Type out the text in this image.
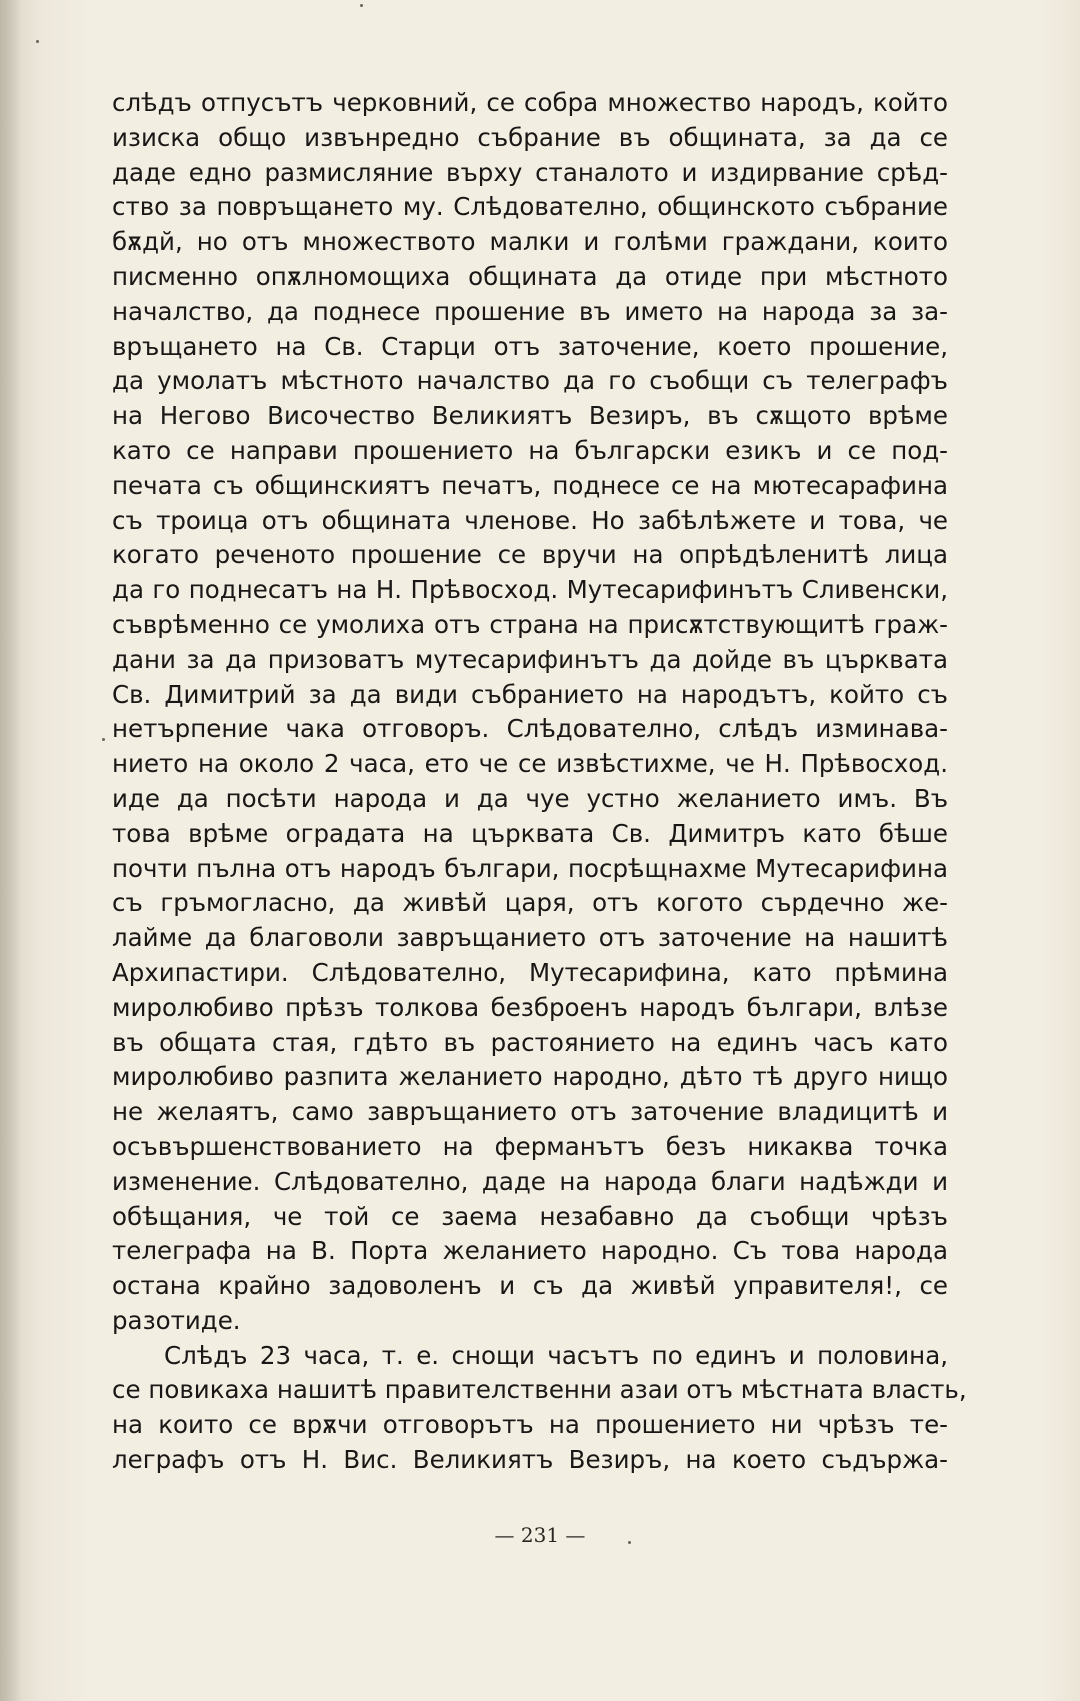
слѣдъ отпусътъ черковний, се собра множество народъ, който
изиска общо извънредно събрание въ общината, за да се
даде едно размисляние върху станалото и издирвание срѣд-
ство за повръщането му. Слѣдователно, общинското събрание
бѫдй, но отъ множеството малки и голѣми граждани, които
писменно опѫлномощиха общината да отиде при мѣстното
началство, да поднесе прошение въ името на народа за за-
връщането на Св. Старци отъ заточение, което прошение,
да умолатъ мѣстното началство да го съобщи съ телеграфъ
на Негово Височество Великиятъ Везиръ, въ сѫщото врѣме
като се направи прошението на български езикъ и се под-
печата съ общинскиятъ печатъ, поднесе се на мютесарафина
съ троица отъ общината членове. Но забѣлѣжете и това, че
когато реченото прошение се вручи на опрѣдѣленитѣ лица
да го поднесатъ на Н. Прѣвосход. Мутесарифинътъ Сливенски,
съврѣменно се умолиха отъ страна на присѫтствующитѣ граж-
дани за да призоватъ мутесарифинътъ да дойде въ църквата
Св. Димитрий за да види събранието на народътъ, който съ
нетърпение чака отговоръ. Слѣдователно, слѣдъ изминава-
нието на около 2 часа, ето че се извѣстихме, че Н. Прѣвосход.
иде да посѣти народа и да чуе устно желанието имъ. Въ
това врѣме оградата на църквата Св. Димитръ като бѣше
почти пълна отъ народъ българи, посрѣщнахме Мутесарифина
съ гръмогласно, да живѣй царя, отъ когото сърдечно же-
лайме да благоволи завръщанието отъ заточение на нашитѣ
Архипастири. Слѣдователно, Мутесарифина, като прѣмина
миролюбиво прѣзъ толкова безброенъ народъ българи, влѣзе
въ общата стая, гдѣто въ растоянието на единъ часъ като
миролюбиво разпита желанието народно, дѣто тѣ друго нищо
не желаятъ, само завръщанието отъ заточение владицитѣ и
осъвършенствованието на ферманътъ безъ никаква точка
изменение. Слѣдователно, даде на народа благи надѣжди и
обѣщания, че той се заема незабавно да съобщи чрѣзъ
телеграфа на В. Порта желанието народно. Съ това народа
остана крайно задоволенъ и съ да живѣй управителя!, се
разотиде.
Слѣдъ 23 часа, т. е. снощи часътъ по единъ и половина,
се повикаха нашитѣ правителственни азаи отъ мѣстната власть,
на които се врѫчи отговорътъ на прошението ни чрѣзъ те-
леграфъ отъ Н. Вис. Великиятъ Везиръ, на което съдържа-
— 231 —
